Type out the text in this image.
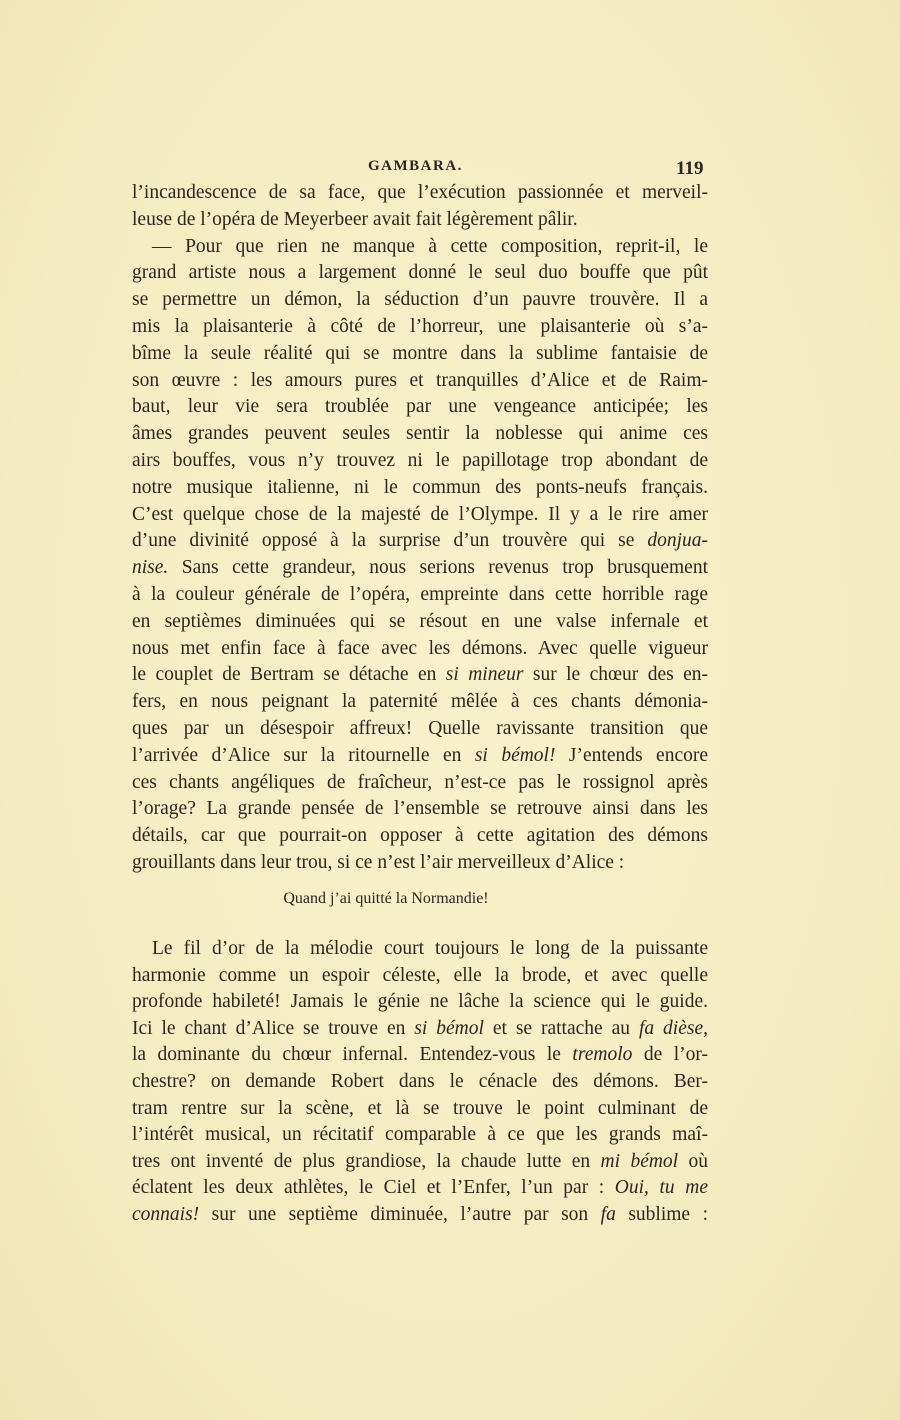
GAMBARA.	119
l’incandescence de sa face, que l’exécution passionnée et merveil-
leuse de l’opéra de Meyerbeer avait fait légèrement pâlir.
— Pour que rien ne manque à cette composition, reprit-il, le
grand artiste nous a largement donné le seul duo bouffe que pût
se permettre un démon, la séduction d’un pauvre trouvère. Il a
mis la plaisanterie à côté de l’horreur, une plaisanterie où s’a-
bîme la seule réalité qui se montre dans la sublime fantaisie de
son œuvre : les amours pures et tranquilles d’Alice et de Raim-
baut, leur vie sera troublée par une vengeance anticipée; les
âmes grandes peuvent seules sentir la noblesse qui anime ces
airs bouffes, vous n’y trouvez ni le papillotage trop abondant de
notre musique italienne, ni le commun des ponts-neufs français.
C’est quelque chose de la majesté de l’Olympe. Il y a le rire amer
d’une divinité opposé à la surprise d’un trouvère qui se donjua-
nise. Sans cette grandeur, nous serions revenus trop brusquement
à la couleur générale de l’opéra, empreinte dans cette horrible rage
en septièmes diminuées qui se résout en une valse infernale et
nous met enfin face à face avec les démons. Avec quelle vigueur
le couplet de Bertram se détache en si mineur sur le chœur des en-
fers, en nous peignant la paternité mêlée à ces chants démonia-
ques par un désespoir affreux! Quelle ravissante transition que
l’arrivée d’Alice sur la ritournelle en si bémol! J’entends encore
ces chants angéliques de fraîcheur, n’est-ce pas le rossignol après
l’orage? La grande pensée de l’ensemble se retrouve ainsi dans les
détails, car que pourrait-on opposer à cette agitation des démons
grouillants dans leur trou, si ce n’est l’air merveilleux d’Alice :
Quand j’ai quitté la Normandie!
Le fil d’or de la mélodie court toujours le long de la puissante
harmonie comme un espoir céleste, elle la brode, et avec quelle
profonde habileté! Jamais le génie ne lâche la science qui le guide.
Ici le chant d’Alice se trouve en si bémol et se rattache au fa dièse,
la dominante du chœur infernal. Entendez-vous le tremolo de l’or-
chestre? on demande Robert dans le cénacle des démons. Ber-
tram rentre sur la scène, et là se trouve le point culminant de
l’intérêt musical, un récitatif comparable à ce que les grands maî-
tres ont inventé de plus grandiose, la chaude lutte en mi bémol où
éclatent les deux athlètes, le Ciel et l’Enfer, l’un par : Oui, tu me
connais! sur une septième diminuée, l’autre par son fa sublime :
